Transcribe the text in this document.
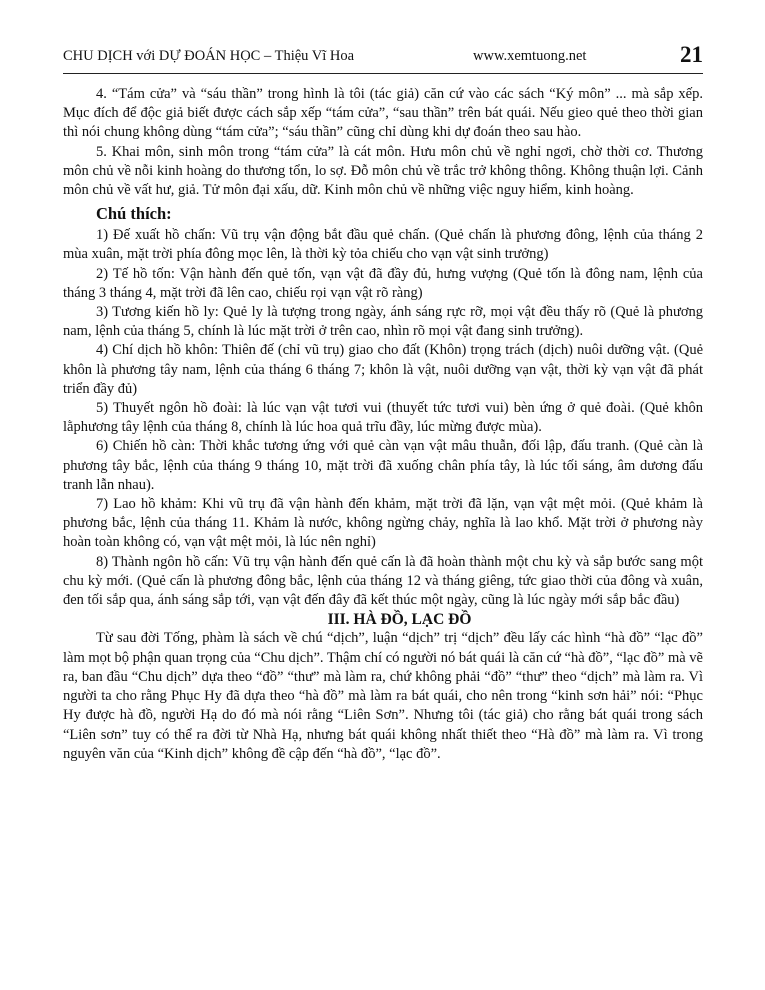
CHU DỊCH với DỰ ĐOÁN HỌC – Thiệu Vĩ Hoa	www.xemtuong.net	21

4. “Tám cửa” và “sáu thần” trong hình là tôi (tác giả) căn cứ vào các sách “Ký môn” ... mà sắp xếp. Mục đích để độc giả biết được cách sắp xếp “tám cửa”, “sau thần” trên bát quái. Nếu gieo quẻ theo thời gian thì nói chung không dùng “tám cửa”; “sáu thần” cũng chỉ dùng khi dự đoán theo sau hào.

5. Khai môn, sinh môn trong “tám cửa” là cát môn. Hưu môn chủ về nghỉ ngơi, chờ thời cơ. Thương môn chủ về nỗi kinh hoàng do thương tổn, lo sợ. Đỗ môn chủ về trắc trở không thông. Không thuận lợi. Cảnh môn chủ về vất hư, giả. Tử môn đại xấu, dữ. Kinh môn chủ về những việc nguy hiểm, kinh hoàng.

Chú thích:

1) Đế xuất hồ chấn: Vũ trụ vận động bắt đầu quẻ chấn. (Quẻ chấn là phương đông, lệnh của tháng 2 mùa xuân, mặt trời phía đông mọc lên, là thời kỳ tỏa chiếu cho vạn vật sinh trưởng)

2) Tế hồ tốn: Vận hành đến quẻ tốn, vạn vật đã đầy đủ, hưng vượng (Quẻ tốn là đông nam, lệnh của tháng 3 tháng 4, mặt trời đã lên cao, chiếu rọi vạn vật rõ ràng)

3) Tương kiến hồ ly: Quẻ ly là tượng trong ngày, ánh sáng rực rỡ, mọi vật đều thấy rõ (Quẻ là phương nam, lệnh của tháng 5, chính là lúc mặt trời ở trên cao, nhìn rõ mọi vật đang sinh trưởng).

4) Chí dịch hồ khôn: Thiên đế (chỉ vũ trụ) giao cho đất (Khôn) trọng trách (dịch) nuôi dưỡng vật. (Quẻ khôn là phương tây nam, lệnh của tháng 6 tháng 7; khôn là vật, nuôi dưỡng vạn vật, thời kỳ vạn vật đã phát triển đầy đủ)

5) Thuyết ngôn hồ đoài: là lúc vạn vật tươi vui (thuyết tức tươi vui) bèn ứng ở quẻ đoài. (Quẻ khôn lằphương tây lệnh của tháng 8, chính là lúc hoa quả trĩu đầy, lúc mừng được mùa).

6) Chiến hồ càn: Thời khắc tương ứng với quẻ càn vạn vật mâu thuẫn, đối lập, đấu tranh. (Quẻ càn là phương tây bắc, lệnh của tháng 9 tháng 10, mặt trời đã xuống chân phía tây, là lúc tối sáng, âm dương đấu tranh lẫn nhau).

7) Lao hồ khảm: Khi vũ trụ đã vận hành đến khảm, mặt trời đã lặn, vạn vật mệt mỏi. (Quẻ khảm là phương bắc, lệnh của tháng 11. Khảm là nước, không ngừng chảy, nghĩa là lao khổ. Mặt trời ở phương này hoàn toàn không có, vạn vật mệt mỏi, là lúc nên nghỉ)

8) Thành ngôn hồ cấn: Vũ trụ vận hành đến quẻ cấn là đã hoàn thành một chu kỳ và sắp bước sang một chu kỳ mới. (Quẻ cấn là phương đông bắc, lệnh của tháng 12 và tháng giêng, tức giao thời của đông và xuân, đen tối sắp qua, ánh sáng sắp tới, vạn vật đến đây đã kết thúc một ngày, cũng là lúc ngày mới sắp bắc đầu)

III. HÀ ĐỒ, LẠC ĐỒ

Từ sau đời Tống, phàm là sách về chú “dịch”, luận “dịch” trị “dịch” đều lấy các hình “hà đồ” “lạc đồ” làm mọt bộ phận quan trọng của “Chu dịch”. Thậm chí có người nó bát quái là căn cứ “hà đồ”, “lạc đồ” mà vẽ ra, ban đầu “Chu dịch” dựa theo “đồ” “thư” mà làm ra, chứ không phải “đồ” “thư” theo “dịch” mà làm ra. Vì người ta cho rằng Phục Hy đã dựa theo “hà đồ” mà làm ra bát quái, cho nên trong “kinh sơn hải” nói: “Phục Hy được hà đồ, người Hạ do đó mà nói rằng “Liên Sơn”. Nhưng tôi (tác giả) cho rằng bát quái trong sách “Liên sơn” tuy có thể ra đời từ Nhà Hạ, nhưng bát quái không nhất thiết theo “Hà đồ” mà làm ra. Vì trong nguyên văn của “Kinh dịch” không đề cập đến “hà đồ”, “lạc đồ”.
